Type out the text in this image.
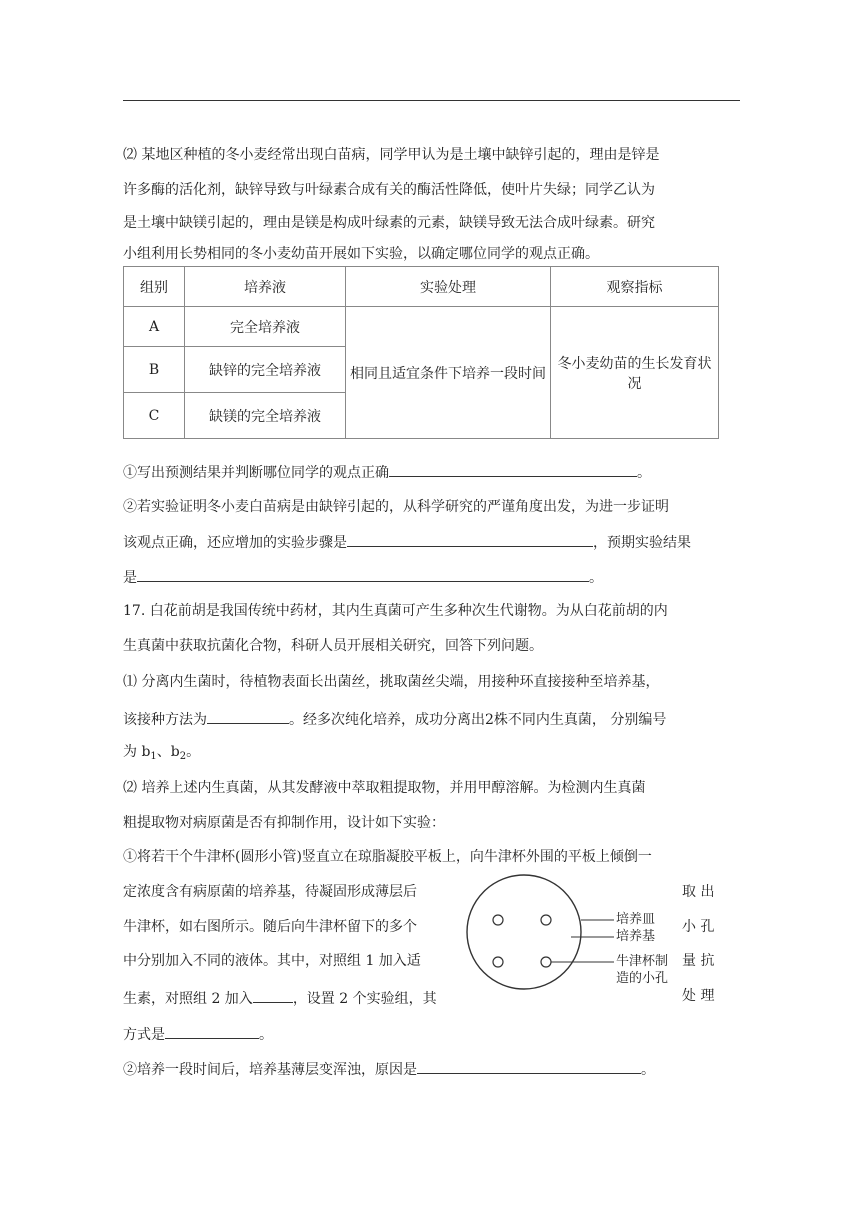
⑵ 某地区种植的冬小麦经常出现白苗病，同学甲认为是土壤中缺锌引起的，理由是锌是
许多酶的活化剂，缺锌导致与叶绿素合成有关的酶活性降低，使叶片失绿；同学乙认为
是土壤中缺镁引起的，理由是镁是构成叶绿素的元素，缺镁导致无法合成叶绿素。研究
小组利用长势相同的冬小麦幼苗开展如下实验，以确定哪位同学的观点正确。
组别	培养液	实验处理	观察指标
A	完全培养液	相同且适宜条件下培养一段时间	冬小麦幼苗的生长发育状况
B	缺锌的完全培养液		
C	缺镁的完全培养液		
①写出预测结果并判断哪位同学的观点正确	。
②若实验证明冬小麦白苗病是由缺锌引起的，从科学研究的严谨角度出发，为进一步证明
该观点正确，还应增加的实验步骤是	，预期实验结果
是	。
17. 白花前胡是我国传统中药材，其内生真菌可产生多种次生代谢物。为从白花前胡的内
生真菌中获取抗菌化合物，科研人员开展相关研究，回答下列问题。
⑴ 分离内生菌时，待植物表面长出菌丝，挑取菌丝尖端，用接种环直接接种至培养基，
该接种方法为	。经多次纯化培养，成功分离出2株不同内生真菌， 分别编号
为 $b_1$、$b_2$。
⑵ 培养上述内生真菌，从其发酵液中萃取粗提取物，并用甲醇溶解。为检测内生真菌
粗提取物对病原菌是否有抑制作用，设计如下实验：
①将若干个牛津杯(圆形小管)竖直立在琼脂凝胶平板上，向牛津杯外围的平板上倾倒一
定浓度含有病原菌的培养基，待凝固形成薄层后	取 出
牛津杯，如右图所示。随后向牛津杯留下的多个	小 孔
中分别加入不同的液体。其中，对照组 1 加入适	量 抗
生素，对照组 2 加入	，设置 2 个实验组，其	处 理
方式是	。
②培养一段时间后，培养基薄层变浑浊，原因是	。
培养皿
培养基
牛津杯制
造的小孔
